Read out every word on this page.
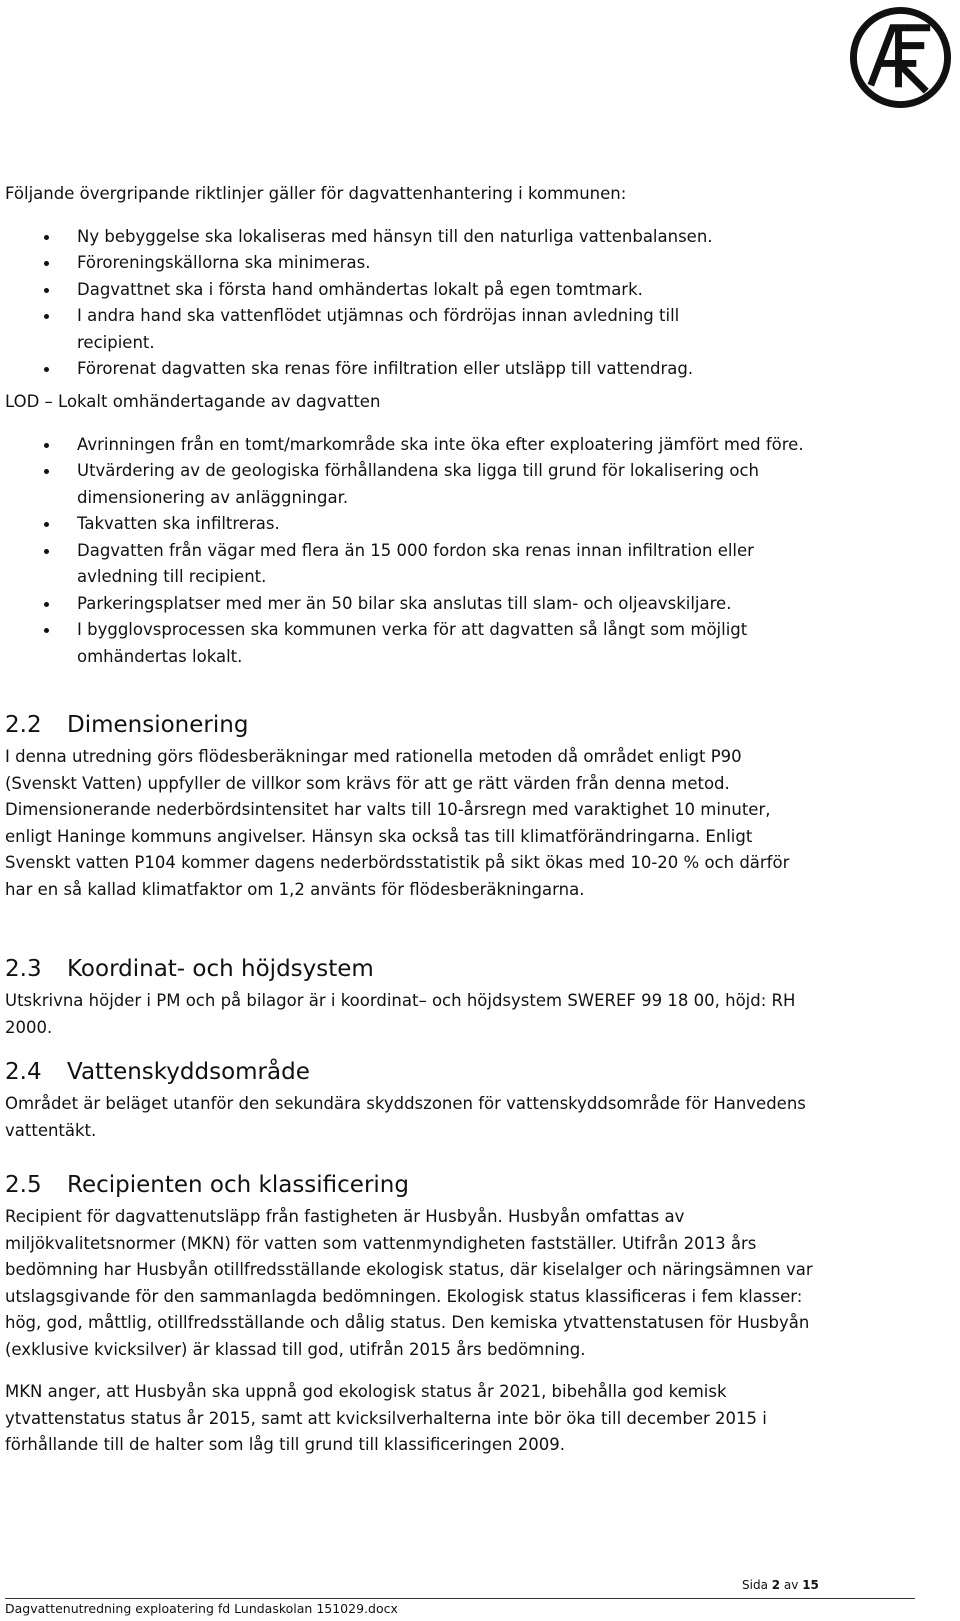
Följande övergripande riktlinjer gäller för dagvattenhantering i kommunen:

Ny bebyggelse ska lokaliseras med hänsyn till den naturliga vattenbalansen.
Föroreningskällorna ska minimeras.
Dagvattnet ska i första hand omhändertas lokalt på egen tomtmark.
I andra hand ska vattenflödet utjämnas och fördröjas innan avledning till recipient.
Förorenat dagvatten ska renas före infiltration eller utsläpp till vattendrag.

LOD – Lokalt omhändertagande av dagvatten

Avrinningen från en tomt/markområde ska inte öka efter exploatering jämfört med före.
Utvärdering av de geologiska förhållandena ska ligga till grund för lokalisering och dimensionering av anläggningar.
Takvatten ska infiltreras.
Dagvatten från vägar med flera än 15 000 fordon ska renas innan infiltration eller avledning till recipient.
Parkeringsplatser med mer än 50 bilar ska anslutas till slam- och oljeavskiljare.
I bygglovsprocessen ska kommunen verka för att dagvatten så långt som möjligt omhändertas lokalt.
2.2 Dimensionering

I denna utredning görs flödesberäkningar med rationella metoden då området enligt P90 (Svenskt Vatten) uppfyller de villkor som krävs för att ge rätt värden från denna metod. Dimensionerande nederbördsintensitet har valts till 10-årsregn med varaktighet 10 minuter, enligt Haninge kommuns angivelser. Hänsyn ska också tas till klimatförändringarna. Enligt Svenskt vatten P104 kommer dagens nederbördsstatistik på sikt ökas med 10-20 % och därför har en så kallad klimatfaktor om 1,2 använts för flödesberäkningarna.

2.3 Koordinat- och höjdsystem

Utskrivna höjder i PM och på bilagor är i koordinat– och höjdsystem SWEREF 99 18 00, höjd: RH 2000.

2.4 Vattenskyddsområde

Området är beläget utanför den sekundära skyddszonen för vattenskyddsområde för Hanvedens vattentäkt.

2.5 Recipienten och klassificering

Recipient för dagvattenutsläpp från fastigheten är Husbyån. Husbyån omfattas av miljökvalitetsnormer (MKN) för vatten som vattenmyndigheten fastställer. Utifrån 2013 års bedömning har Husbyån otillfredsställande ekologisk status, där kiselalger och näringsämnen var utslagsgivande för den sammanlagda bedömningen. Ekologisk status klassificeras i fem klasser: hög, god, måttlig, otillfredsställande och dålig status. Den kemiska ytvattenstatusen för Husbyån (exklusive kvicksilver) är klassad till god, utifrån 2015 års bedömning.

MKN anger, att Husbyån ska uppnå god ekologisk status år 2021, bibehålla god kemisk ytvattenstatus status år 2015, samt att kvicksilverhalterna inte bör öka till december 2015 i förhållande till de halter som låg till grund till klassificeringen 2009.

Sida 2 av 15
Dagvattenutredning exploatering fd Lundaskolan 151029.docx
